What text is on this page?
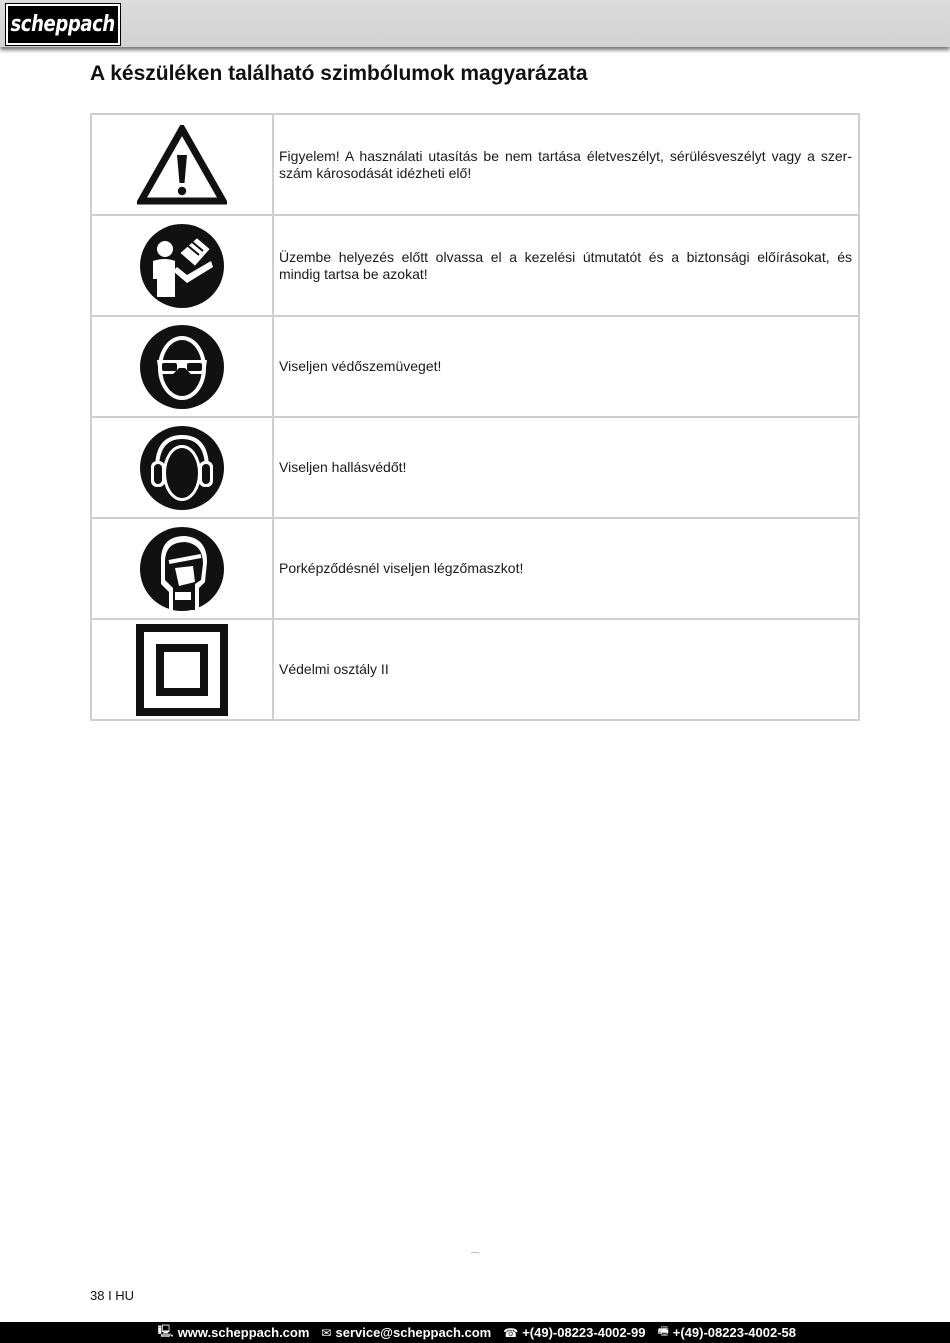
scheppach
A készüléken található szimbólumok magyarázata
	Figyelem! A használati utasítás be nem tartása életveszélyt, sérülésveszélyt vagy a szer-szám károsodását idézheti elő!

	Üzembe helyezés előtt olvassa el a kezelési útmutatót és a biztonsági előírásokat, és mindig tartsa be azokat!

	Viseljen védőszemüveget!

	Viseljen hallásvédőt!

	Porképződésnél viseljen légzőmaszkot!

	Védelmi osztály II
38 I HU
🖳 www.scheppach.com ✉ service@scheppach.com ☎ +(49)-08223-4002-99 🖷 +(49)-08223-4002-58
